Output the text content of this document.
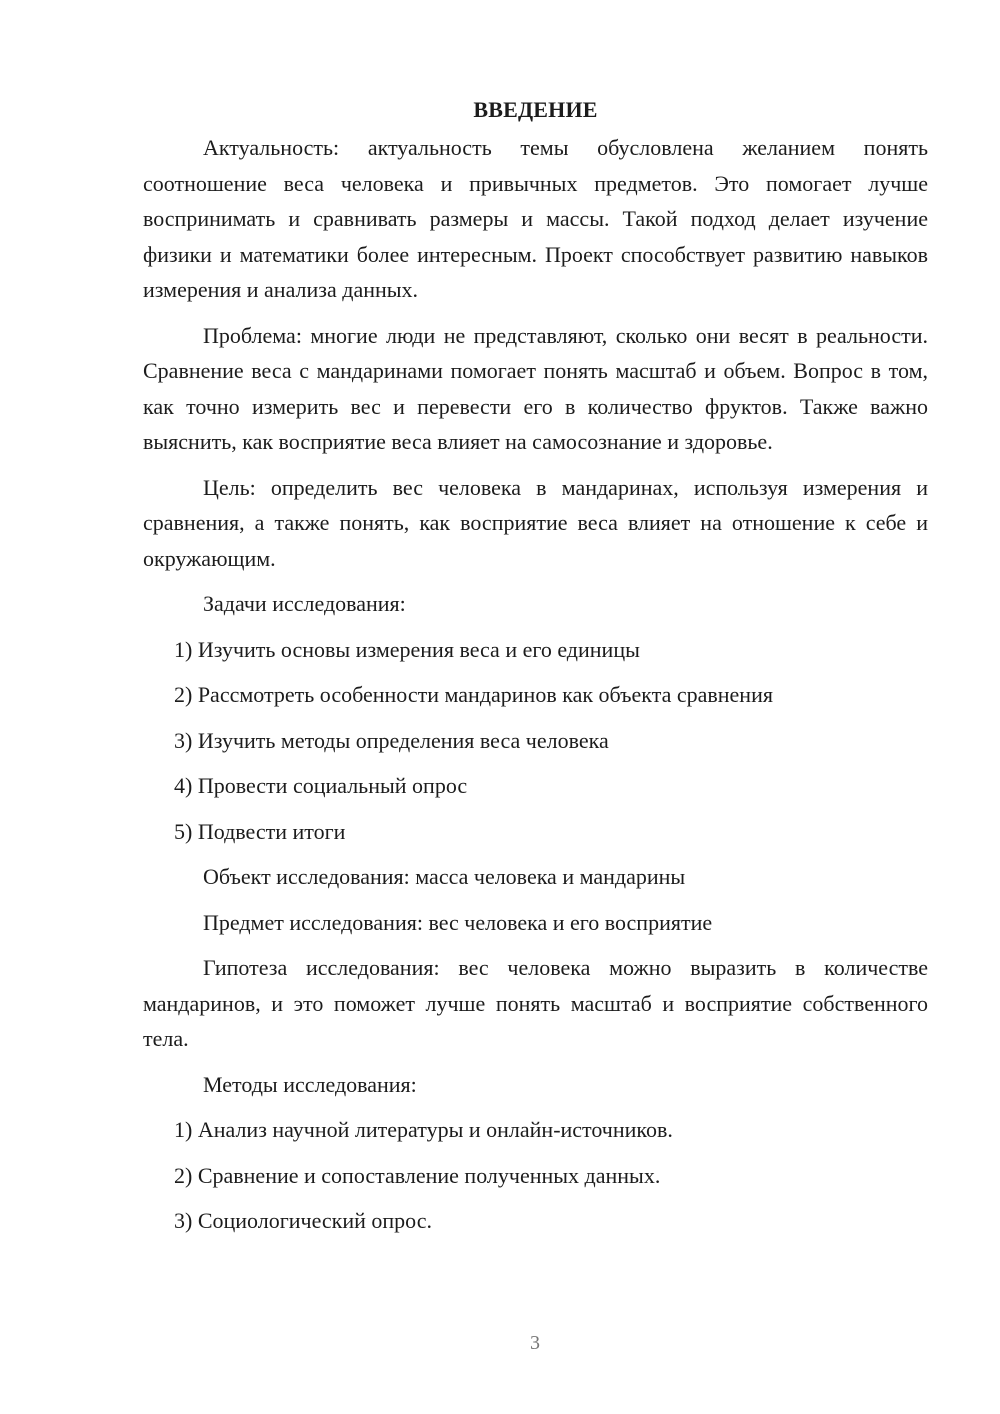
ВВЕДЕНИЕ

Актуальность: актуальность темы обусловлена желанием понять соотношение веса человека и привычных предметов. Это помогает лучше воспринимать и сравнивать размеры и массы. Такой подход делает изучение физики и математики более интересным. Проект способствует развитию навыков измерения и анализа данных.

Проблема: многие люди не представляют, сколько они весят в реальности. Сравнение веса с мандаринами помогает понять масштаб и объем. Вопрос в том, как точно измерить вес и перевести его в количество фруктов. Также важно выяснить, как восприятие веса влияет на самосознание и здоровье.

Цель: определить вес человека в мандаринах, используя измерения и сравнения, а также понять, как восприятие веса влияет на отношение к себе и окружающим.

Задачи исследования:
1) Изучить основы измерения веса и его единицы
2) Рассмотреть особенности мандаринов как объекта сравнения
3) Изучить методы определения веса человека
4) Провести социальный опрос
5) Подвести итоги
Объект исследования: масса человека и мандарины
Предмет исследования: вес человека и его восприятие

Гипотеза исследования: вес человека можно выразить в количестве мандаринов, и это поможет лучше понять масштаб и восприятие собственного тела.

Методы исследования:
1) Анализ научной литературы и онлайн-источников.
2) Сравнение и сопоставление полученных данных.
3) Социологический опрос.
3
